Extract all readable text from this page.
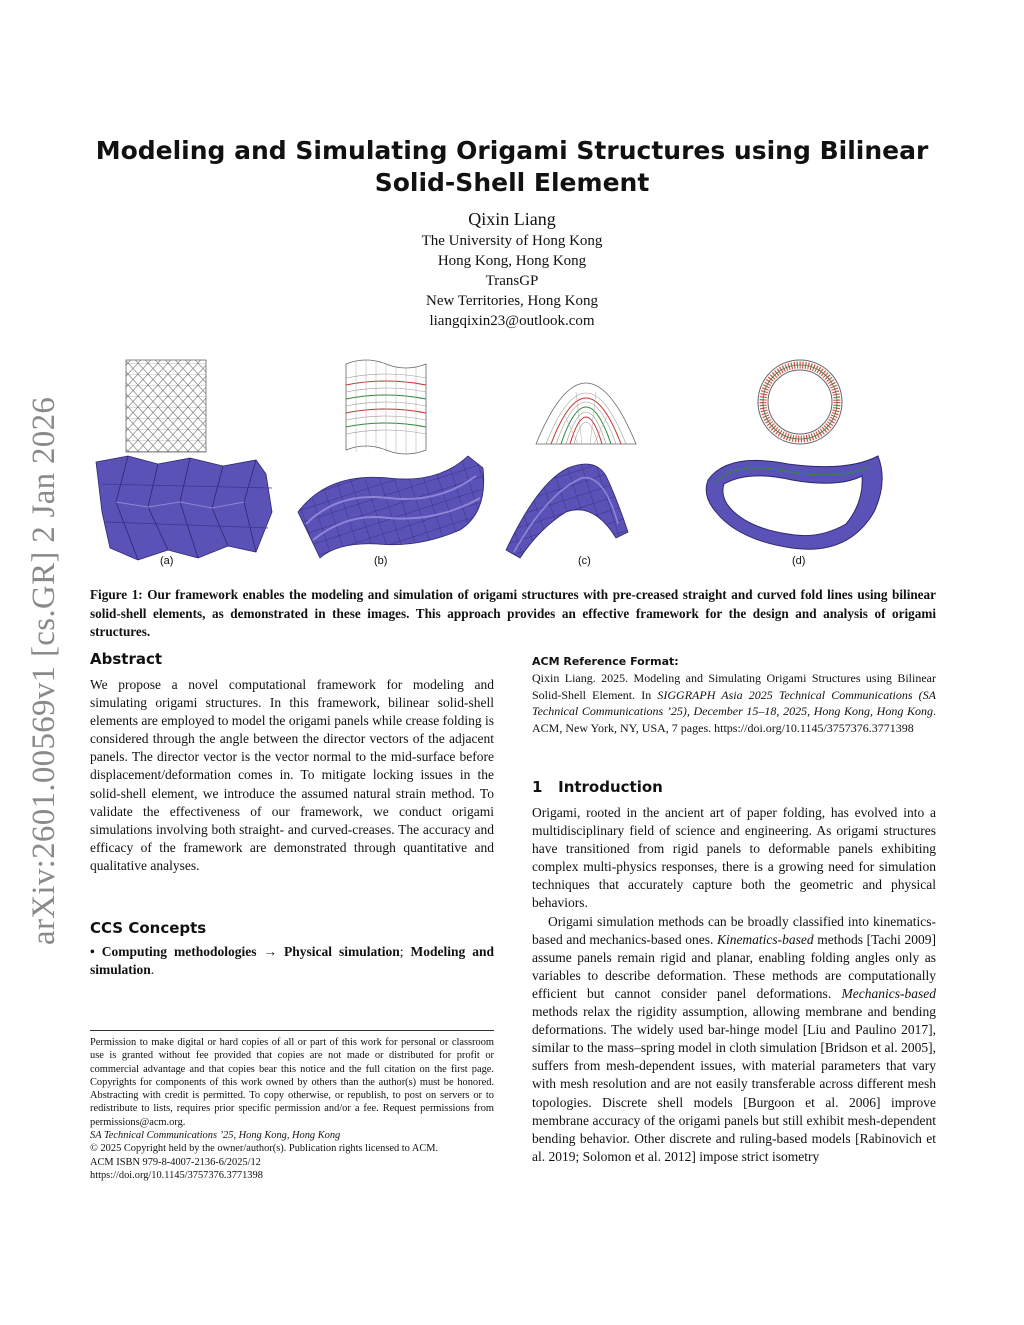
arXiv:2601.00569v1 [cs.GR] 2 Jan 2026
Modeling and Simulating Origami Structures using Bilinear Solid-Shell Element
Qixin Liang
The University of Hong Kong
Hong Kong, Hong Kong
TransGP
New Territories, Hong Kong
liangqixin23@outlook.com
(a)	(b)	(c)	(d)
Figure 1: Our framework enables the modeling and simulation of origami structures with pre-creased straight and curved fold lines using bilinear solid-shell elements, as demonstrated in these images. This approach provides an effective framework for the design and analysis of origami structures.
Abstract
We propose a novel computational framework for modeling and simulating origami structures. In this framework, bilinear solid-shell elements are employed to model the origami panels while crease folding is considered through the angle between the director vectors of the adjacent panels. The director vector is the vector normal to the mid-surface before displacement/deformation comes in. To mitigate locking issues in the solid-shell element, we introduce the assumed natural strain method. To validate the effectiveness of our framework, we conduct origami simulations involving both straight- and curved-creases. The accuracy and efficacy of the framework are demonstrated through quantitative and qualitative analyses.
CCS Concepts
• Computing methodologies → Physical simulation; Modeling and simulation.
Permission to make digital or hard copies of all or part of this work for personal or classroom use is granted without fee provided that copies are not made or distributed for profit or commercial advantage and that copies bear this notice and the full citation on the first page. Copyrights for components of this work owned by others than the author(s) must be honored. Abstracting with credit is permitted. To copy otherwise, or republish, to post on servers or to redistribute to lists, requires prior specific permission and/or a fee. Request permissions from permissions@acm.org.
SA Technical Communications ’25, Hong Kong, Hong Kong
© 2025 Copyright held by the owner/author(s). Publication rights licensed to ACM.
ACM ISBN 979-8-4007-2136-6/2025/12
https://doi.org/10.1145/3757376.3771398
ACM Reference Format:
Qixin Liang. 2025. Modeling and Simulating Origami Structures using Bilinear Solid-Shell Element. In SIGGRAPH Asia 2025 Technical Communications (SA Technical Communications ’25), December 15–18, 2025, Hong Kong, Hong Kong. ACM, New York, NY, USA, 7 pages. https://doi.org/10.1145/3757376.3771398
1 Introduction

Origami, rooted in the ancient art of paper folding, has evolved into a multidisciplinary field of science and engineering. As origami structures have transitioned from rigid panels to deformable panels exhibiting complex multi-physics responses, there is a growing need for simulation techniques that accurately capture both the geometric and physical behaviors.

Origami simulation methods can be broadly classified into kinematics-based and mechanics-based ones. Kinematics-based methods [Tachi 2009] assume panels remain rigid and planar, enabling folding angles only as variables to describe deformation. These methods are computationally efficient but cannot consider panel deformations. Mechanics-based methods relax the rigidity assumption, allowing membrane and bending deformations. The widely used bar-hinge model [Liu and Paulino 2017], similar to the mass–spring model in cloth simulation [Bridson et al. 2005], suffers from mesh-dependent issues, with material parameters that vary with mesh resolution and are not easily transferable across different mesh topologies. Discrete shell models [Burgoon et al. 2006] improve membrane accuracy of the origami panels but still exhibit mesh-dependent bending behavior. Other discrete and ruling-based models [Rabinovich et al. 2019; Solomon et al. 2012] impose strict isometry
